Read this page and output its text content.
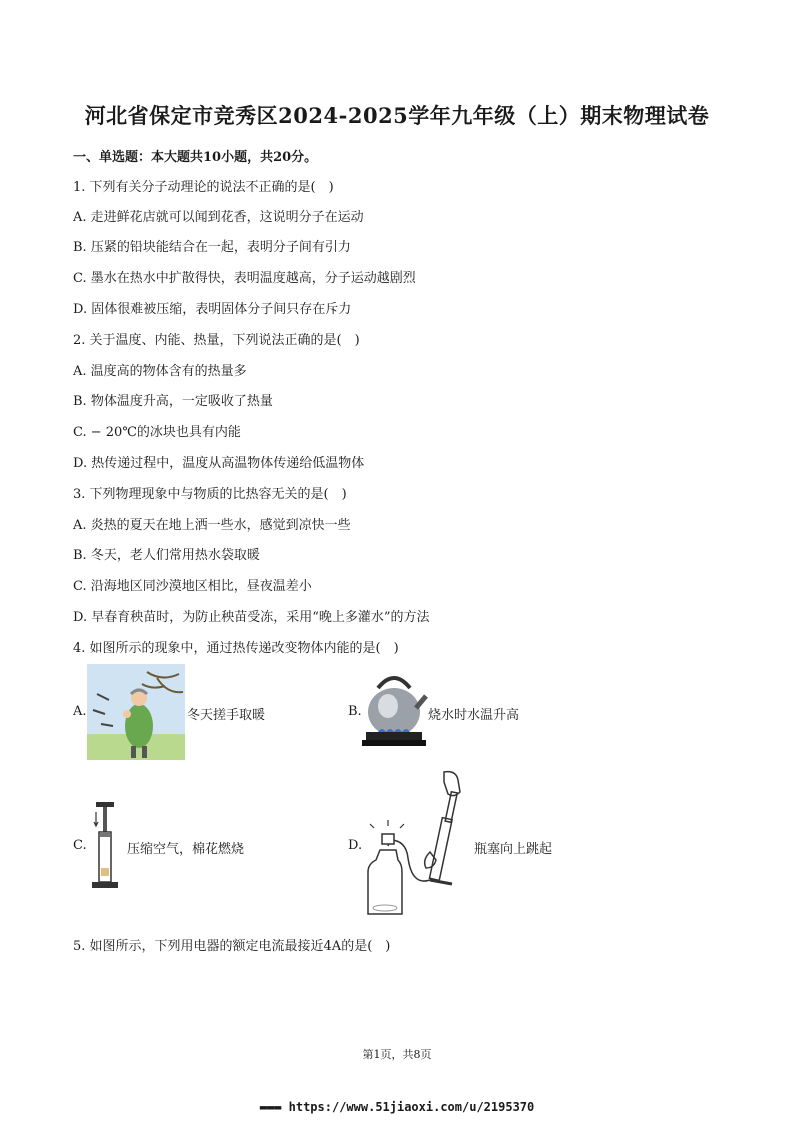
河北省保定市竞秀区2024-2025学年九年级（上）期末物理试卷
一、单选题：本大题共10小题，共20分。
1. 下列有关分子动理论的说法不正确的是(　)
A. 走进鲜花店就可以闻到花香，这说明分子在运动
B. 压紧的铅块能结合在一起，表明分子间有引力
C. 墨水在热水中扩散得快，表明温度越高，分子运动越剧烈
D. 固体很难被压缩，表明固体分子间只存在斥力
2. 关于温度、内能、热量，下列说法正确的是(　)
A. 温度高的物体含有的热量多
B. 物体温度升高，一定吸收了热量
C. − 20℃的冰块也具有内能
D. 热传递过程中，温度从高温物体传递给低温物体
3. 下列物理现象中与物质的比热容无关的是(　)
A. 炎热的夏天在地上洒一些水，感觉到凉快一些
B. 冬天，老人们常用热水袋取暖
C. 沿海地区同沙漠地区相比，昼夜温差小
D. 早春育秧苗时，为防止秧苗受冻，采用“晚上多灌水”的方法
4. 如图所示的现象中，通过热传递改变物体内能的是(　)
A.	冬天搓手取暖	B.	烧水时水温升高
C.	压缩空气，棉花燃烧	D.	瓶塞向上跳起
5. 如图所示，下列用电器的额定电流最接近4A的是(　)
第1页，共8页
▬▬▬ https://www.51jiaoxi.com/u/2195370
